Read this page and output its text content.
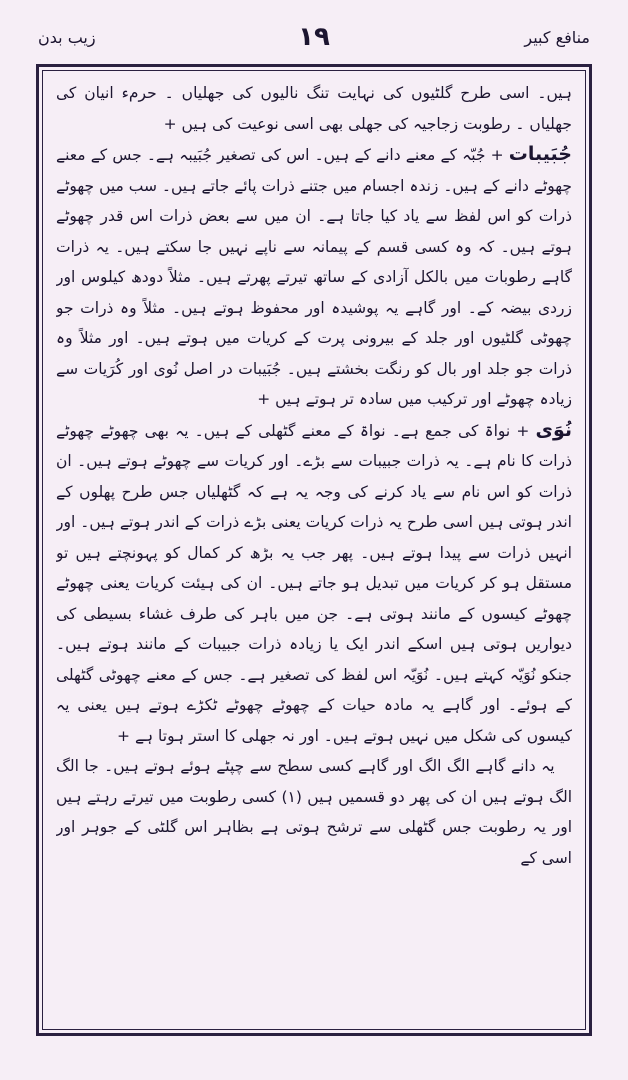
منافع کبیر
۱۹
زیب بدن

ہیں۔ اسی طرح گلٹیوں کی نہایت تنگ نالیوں کی جھلیاں ۔ حرمء انیان کی جھلیاں ۔ رطوبت زجاجیہ کی جھلی بھی اسی نوعیت کی ہیں +

جُبَیبات + جُبّہ کے معنے دانے کے ہیں۔ اس کی تصغیر جُبَیبہ ہے۔ جس کے معنے چھوٹے دانے کے ہیں۔ زندہ اجسام میں جتنے ذرات پائے جاتے ہیں۔ سب میں چھوٹے ذرات کو اس لفظ سے یاد کیا جاتا ہے۔ ان میں سے بعض ذرات اس قدر چھوٹے ہوتے ہیں۔ کہ وہ کسی قسم کے پیمانہ سے ناپے نہیں جا سکتے ہیں۔ یہ ذرات گاہے رطوبات میں بالکل آزادی کے ساتھ تیرتے پھرتے ہیں۔ مثلاً دودھ کیلوس اور زردی بیضہ کے۔ اور گاہے یہ پوشیدہ اور محفوظ ہوتے ہیں۔ مثلاً وہ ذرات جو چھوٹی گلٹیوں اور جلد کے بیرونی پرت کے کریات میں ہوتے ہیں۔ اور مثلاً وہ ذرات جو جلد اور بال کو رنگت بخشتے ہیں۔ جُبَیبات در اصل نُوی اور کُرَیات سے زیادہ چھوٹے اور ترکیب میں سادہ تر ہوتے ہیں +

نُوَی + نواۃ کی جمع ہے۔ نواۃ کے معنے گٹھلی کے ہیں۔ یہ بھی چھوٹے چھوٹے ذرات کا نام ہے۔ یہ ذرات جبیبات سے بڑے۔ اور کریات سے چھوٹے ہوتے ہیں۔ ان ذرات کو اس نام سے یاد کرنے کی وجہ یہ ہے کہ گٹھلیاں جس طرح پھلوں کے اندر ہوتی ہیں اسی طرح یہ ذرات کریات یعنی بڑے ذرات کے اندر ہوتے ہیں۔ اور انہیں ذرات سے پیدا ہوتے ہیں۔ پھر جب یہ بڑھ کر کمال کو پہونچتے ہیں تو مستقل ہو کر کریات میں تبدیل ہو جاتے ہیں۔ ان کی ہیئت کریات یعنی چھوٹے چھوٹے کیسوں کے مانند ہوتی ہے۔ جن میں باہر کی طرف غشاء بسیطی کی دیواریں ہوتی ہیں اسکے اندر ایک یا زیادہ ذرات جبیبات کے مانند ہوتے ہیں۔ جنکو نُوَیّہ کہتے ہیں۔ نُوَیّہ اس لفظ کی تصغیر ہے۔ جس کے معنے چھوٹی گٹھلی کے ہوئے۔ اور گاہے یہ مادہ حیات کے چھوٹے چھوٹے ٹکڑے ہوتے ہیں یعنی یہ کیسوں کی شکل میں نہیں ہوتے ہیں۔ اور نہ جھلی کا استر ہوتا ہے +

یہ دانے گاہے الگ الگ اور گاہے کسی سطح سے چپٹے ہوئے ہوتے ہیں۔ جا الگ الگ ہوتے ہیں ان کی پھر دو قسمیں ہیں (۱) کسی رطوبت میں تیرتے رہتے ہیں اور یہ رطوبت جس گٹھلی سے ترشح ہوتی ہے بظاہر اس گلٹی کے جوہر اور اسی کے
